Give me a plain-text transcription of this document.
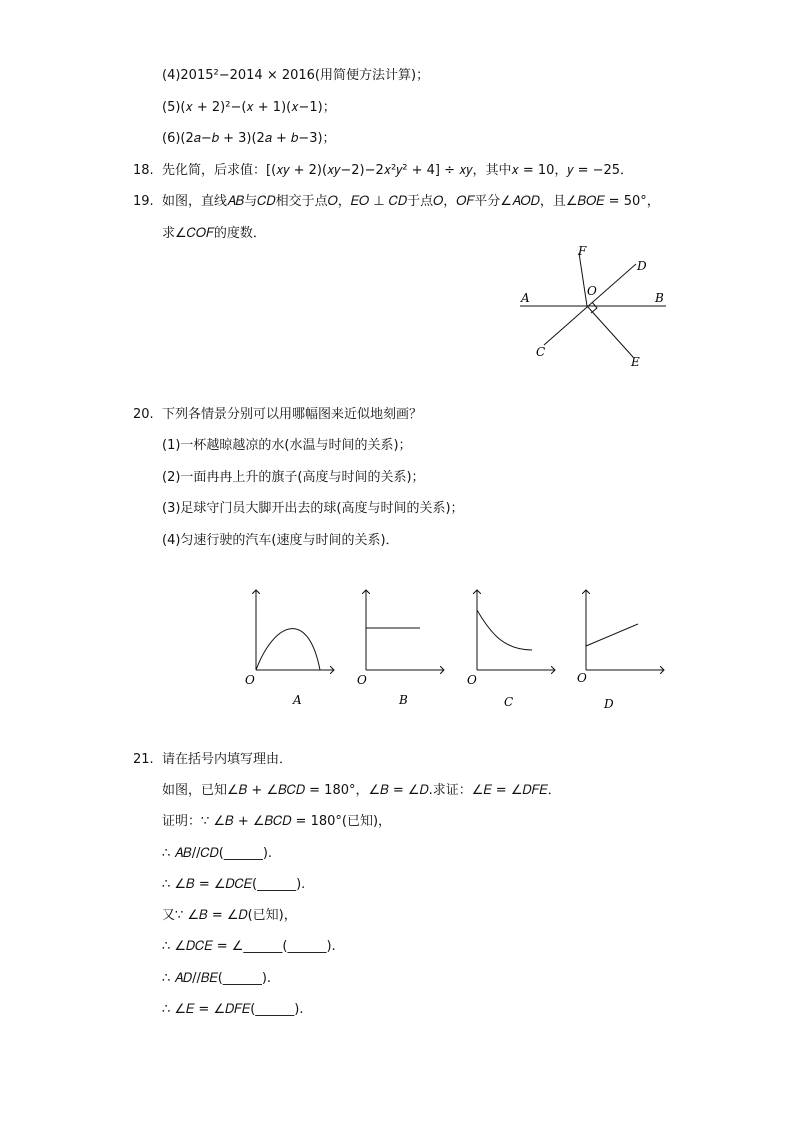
(4)2015²−2014 × 2016(用简便方法计算)；
(5)(𝑥 + 2)²−(𝑥 + 1)(𝑥−1)；
(6)(2𝑎−𝑏 + 3)(2𝑎 + 𝑏−3)；
18. 先化简，后求值：[(𝑥𝑦 + 2)(𝑥𝑦−2)−2𝑥²𝑦² + 4] ÷ 𝑥𝑦，其中𝑥 = 10，𝑦 = −25．
19. 如图，直线𝐴𝐵与𝐶𝐷相交于点𝑂，𝐸𝑂 ⊥ 𝐶𝐷于点𝑂，𝑂𝐹平分∠𝐴𝑂𝐷，且∠𝐵𝑂𝐸 = 50°，
求∠𝐶𝑂𝐹的度数．
A	B
C
D
E
F
O
20. 下列各情景分别可以用哪幅图来近似地刻画？
(1)一杯越晾越凉的水(水温与时间的关系)；
(2)一面冉冉上升的旗子(高度与时间的关系)；
(3)足球守门员大脚开出去的球(高度与时间的关系)；
(4)匀速行驶的汽车(速度与时间的关系)．
O
A
O
B
O
C
O
D
21. 请在括号内填写理由．
如图，已知∠𝐵 + ∠𝐵𝐶𝐷 = 180°，∠𝐵 = ∠𝐷.求证：∠𝐸 = ∠𝐷𝐹𝐸．
证明：∵ ∠𝐵 + ∠𝐵𝐶𝐷 = 180°(已知)，
∴ 𝐴𝐵//𝐶𝐷(______).
∴ ∠𝐵 = ∠𝐷𝐶𝐸(______).
又∵ ∠𝐵 = ∠𝐷(已知)，
∴ ∠𝐷𝐶𝐸 = ∠______(______).
∴ 𝐴𝐷//𝐵𝐸(______).
∴ ∠𝐸 = ∠𝐷𝐹𝐸(______).
